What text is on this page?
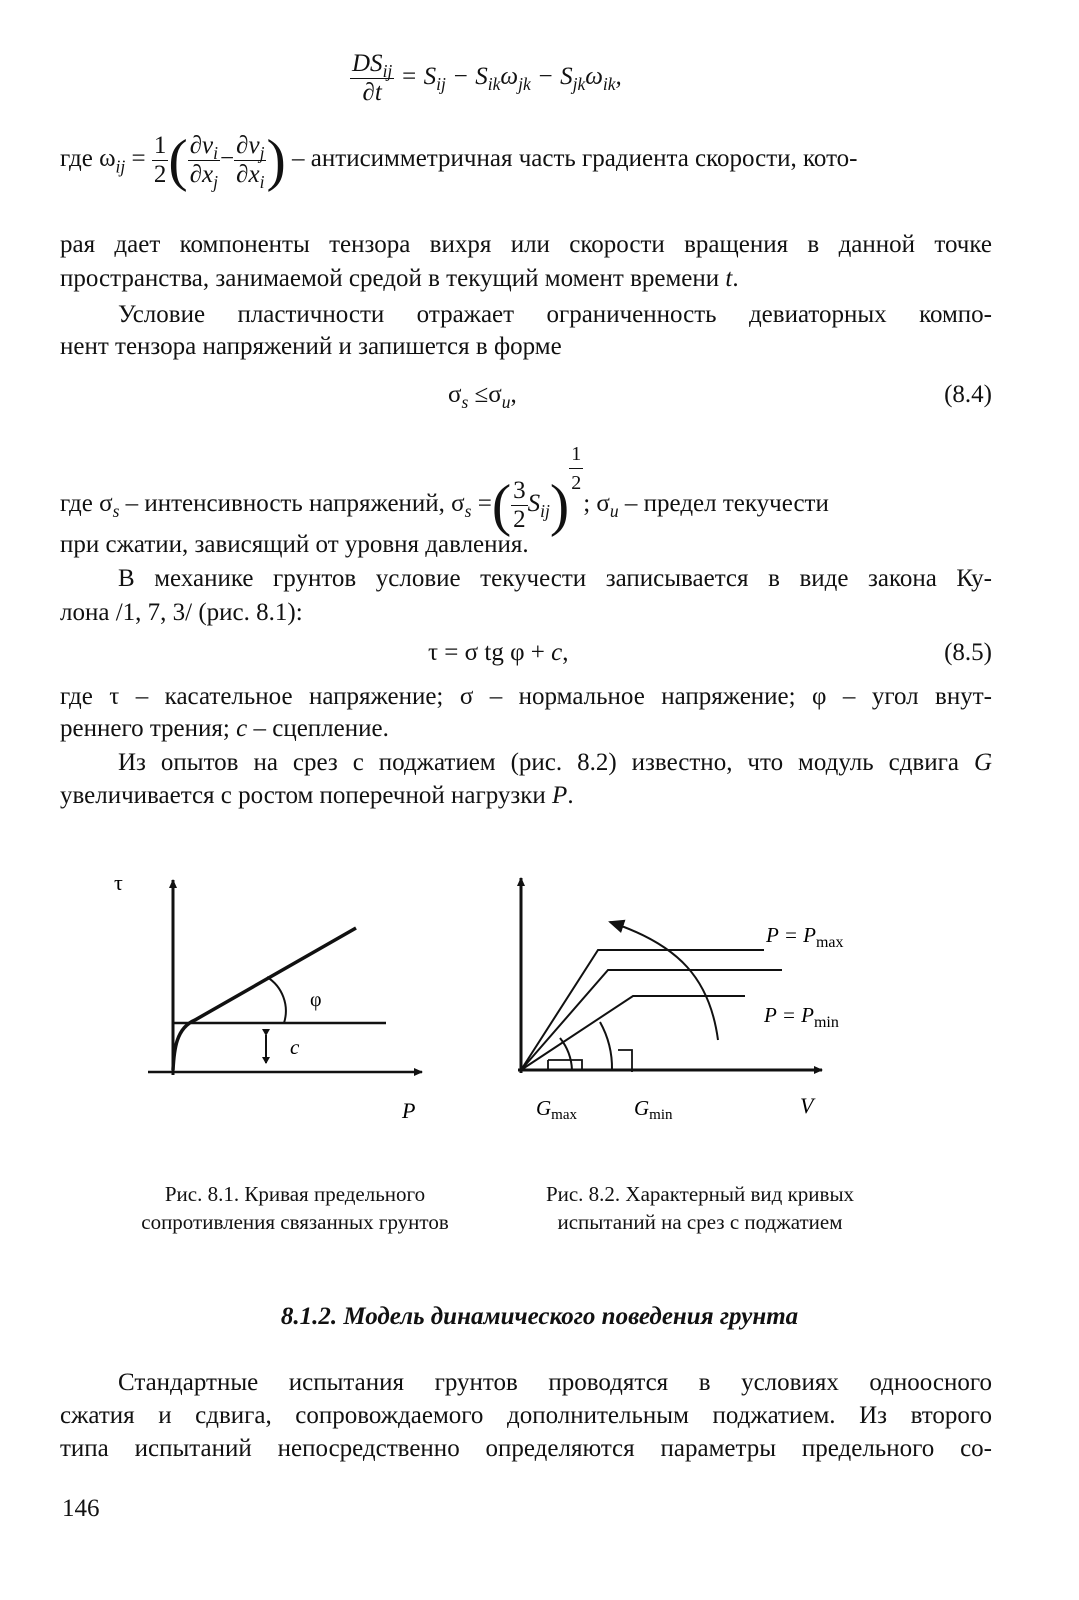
$\frac{DS_{ij}}{\partial t} = S_{ij} - S_{ik}\omega_{jk} - S_{jk}\omega_{ik}$,
где $\omega_{ij} = \frac{1}{2}$ ( $\frac{\partial v_i}{\partial x_j} - \frac{\partial v_j}{\partial x_i}$ ) – антисимметричная часть градиента скорости, кото-
рая дает компоненты тензора вихря или скорости вращения в данной точке
пространства, занимаемой средой в текущий момент времени t.
Условие пластичности отражает ограниченность девиаторных компо-
нент тензора напряжений и запишется в форме
$\sigma_s \le\sigma_u$,	(8.4)
где $\sigma_s$ – интенсивность напряжений, $\sigma_s$ =( $\frac{3}{2} S_{ij}$)
$\frac{1}{2}$
; $\sigma_u$ – предел текучести
при сжатии, зависящий от уровня давления.
В механике грунтов условие текучести записывается в виде закона Ку-
лона /1, 7, 3/ (рис. 8.1):
τ = σ tg φ + c,	(8.5)
где τ – касательное напряжение; σ – нормальное напряжение; φ – угол внут-
реннего трения; c – сцепление.
Из опытов на срез с поджатием (рис. 8.2) известно, что модуль сдвига G
увеличивается с ростом поперечной нагрузки P.
τ
φ
c
P
Рис. 8.1. Кривая предельного
сопротивления связанных грунтов
$P = P_{max}$
$P = P_{min}$
Gmax	Gmin	V
Рис. 8.2. Характерный вид кривых
испытаний на срез с поджатием
8.1.2. Модель динамического поведения грунта
Стандартные испытания грунтов проводятся в условиях одноосного
сжатия и сдвига, сопровождаемого дополнительным поджатием. Из второго
типа испытаний непосредственно определяются параметры предельного со-
146
